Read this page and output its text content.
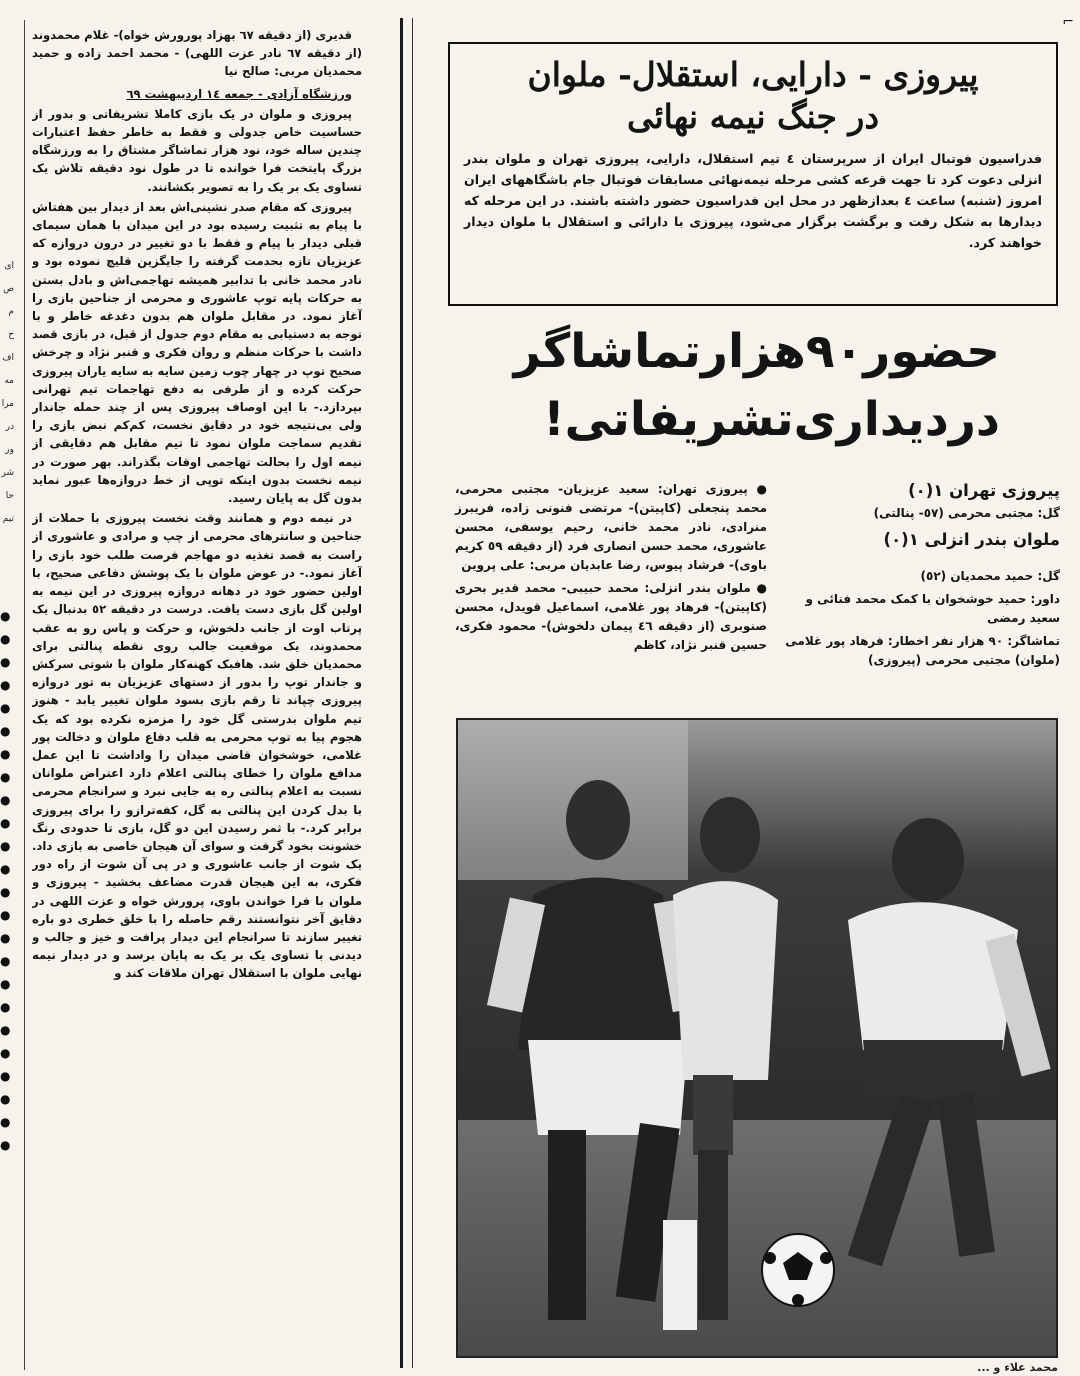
⌐
ای
ص
م
ح
اف
مه
مرا
در
ور
شر
حا
تیم
●
●
●
●
●
●
●
●
●
●
●
●
●
●
●
●
●
●
●
●
●
●
●
●

قدیری (از دقیقه ٦٧ بهزاد پورورش خواه)- غلام محمدوند (از دقیقه ٦٧ نادر عزت اللهی) - محمد احمد زاده و حمید محمدیان مربی: صالح نیا

ورزشگاه آزادی - جمعه ١٤ اردیبهشت ٦٩

پیروزی و ملوان در یک بازی کاملا تشریفاتی و بدور از حساسیت خاص جدولی و فقط به خاطر حفظ اعتبارات چندین ساله خود، نود هزار تماشاگر مشتاق را به ورزشگاه بزرگ پایتخت فرا خوانده تا در طول نود دقیقه تلاش یک تساوی یک بر یک را به تصویر بکشانند.

پیروزی که مقام صدر نشینی‌اش بعد از دیدار بین هفتاش با پیام به تثبیت رسیده بود در این میدان با همان سیمای قبلی دیدار با پیام و فقط با دو تغییر در درون دروازه که عزیزیان تازه بحدمت گرفته را جایگزین قلیچ نموده بود و نادر محمد خانی با تدابیر همیشه تهاجمی‌اش و بادل بستن به حرکات پایه توپ عاشوری و محرمی از جناحین بازی را آغاز نمود. در مقابل ملوان هم بدون دغدغه خاطر و با توجه به دستیابی به مقام دوم جدول از قبل، در بازی قصد داشت با حرکات منظم و روان فکری و قنبر نژاد و چرخش صحیح توپ در چهار چوب زمین سایه به سایه یاران پیروزی حرکت کرده و از طرفی به دفع تهاجمات تیم تهرانی بپردازد.- با این اوصاف پیروزی پس از چند حمله جاندار ولی بی‌نتیجه خود در دقایق نخست، کم‌کم نبض بازی را تقدیم سماجت ملوان نمود تا تیم مقابل هم دقایقی از نیمه اول را بحالت تهاجمی اوقات بگذراند. بهر صورت در نیمه نخست بدون اینکه توپی از خط دروازه‌ها عبور نماید بدون گل به پایان رسید.

در نیمه دوم و همانند وقت نخست پیروزی با حملات از جناحین و سانترهای محرمی از چپ و مرادی و عاشوری از راست به قصد تغذیه دو مهاجم فرصت طلب خود بازی را آغاز نمود.- در عوض ملوان با یک پوشش دفاعی صحیح، با اولین حضور خود در دهانه دروازه پیروزی در این نیمه به اولین گل بازی دست یافت. درست در دقیقه ٥٢ بدنبال یک پرتاب اوت از جانب دلخوش، و حرکت و پاس رو به عقب محمدوند، یک موقعیت جالب روی نقطه پنالتی برای محمدیان خلق شد. هافبک کهنه‌کار ملوان با شوتی سرکش و جاندار توپ را بدور از دستهای عزیزیان به تور دروازه پیروزی چپاند تا رقم بازی بسود ملوان تغییر یابد - هنوز تیم ملوان بدرستی گل خود را مزمزه نکرده بود که یک هجوم پیا به توپ محرمی به قلب دفاع ملوان و دخالت پور غلامی، خوشخوان قاضی میدان را واداشت تا این عمل مدافع ملوان را خطای پنالتی اعلام دارد اعتراض ملوانان نسبت به اعلام پنالتی ره به جایی نبرد و سرانجام محرمی با بدل کردن این پنالتی به گل، کفه‌ترازو را برای پیروزی برابر کرد.- با ثمر رسیدن این دو گل، بازی تا حدودی رنگ خشونت بخود گرفت و سوای آن هیجان خاصی به بازی داد. یک شوت از جانب عاشوری و در پی آن شوت از راه دور فکری، به این هیجان قدرت مضاعف بخشید - پیروزی و ملوان با فرا خواندن باوی، پرورش خواه و عزت اللهی در دقایق آخر نتوانستند رقم حاصله را با خلق خطری دو باره تغییر سازند تا سرانجام این دیدار پرافت و خیز و جالب و دیدنی با تساوی یک بر یک به پایان برسد و در دیدار نیمه نهایی ملوان با استقلال تهران ملاقات کند و

پیروزی - دارایی، استقلال- ملوان
در جنگ نیمه نهائی
فدراسیون فوتبال ایران از سرپرستان ٤ تیم استقلال، دارایی، پیروزی تهران و ملوان بندر انزلی دعوت کرد تا جهت قرعه کشی مرحله نیمه‌نهائی مسابقات فوتبال جام باشگاههای ایران امروز (شنبه) ساعت ٤ بعدازظهر در محل این فدراسیون حضور داشته باشند. در این مرحله که دیدارها به شکل رفت و برگشت برگزار می‌شود، پیروزی با دارائی و استقلال با ملوان دیدار خواهند کرد.
حضور۹۰هزارتماشاگر
دردیداری‌تشریفاتی!

● پیروزی تهران: سعید عزیزیان- مجتبی محرمی، محمد پنجعلی (کاپیتن)- مرتضی فنونی زاده، فریبرز منرادی، نادر محمد خانی، رحیم یوسفی، محسن عاشوری، محمد حسن انصاری فرد (از دقیقه ٥٩ کریم باوی)- فرشاد پیوس، رضا عابدیان مربی: علی پروین

● ملوان بندر انزلی: محمد حبیبی- محمد قدیر بحری (کاپیتن)- فرهاد پور غلامی، اسماعیل قویدل، محسن صنوبری (از دقیقه ٤٦ پیمان دلخوش)- محمود فکری، حسین قنبر نژاد، کاظم

پیروزی تهران ۱(۰)

گل: مجتبی محرمی (٥٧- پنالتی)

ملوان بندر انزلی ۱(۰)

گل: حمید محمدیان (٥٢)

داور: حمید خوشخوان با کمک محمد فنائی و سعید رمضی

تماشاگر: ٩٠ هزار نفر اخطار: فرهاد پور غلامی (ملوان) مجتبی محرمی (پیروزی)

محمد علاء و ...
